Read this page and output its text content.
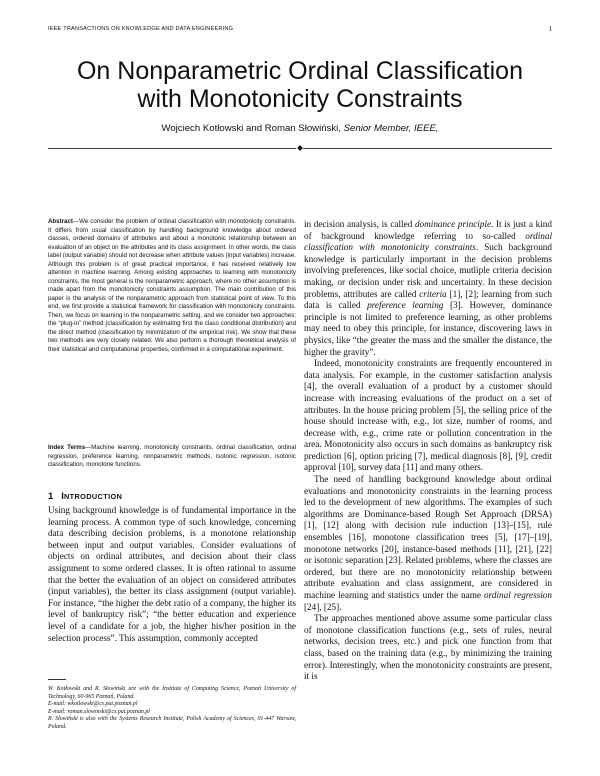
IEEE TRANSACTIONS ON KNOWLEDGE AND DATA ENGINEERING	1
On Nonparametric Ordinal Classification
with Monotonicity Constraints
Wojciech Kotłowski and Roman Słowiński, Senior Member, IEEE,
Abstract—We consider the problem of ordinal classification with monotonicity constraints. It differs from usual classification by handling background knowledge about ordered classes, ordered domains of attributes and about a monotonic relationship between an evaluation of an object on the attributes and its class assignment. In other words, the class label (output variable) should not decrease when attribute values (input variables) increase. Although this problem is of great practical importance, it has received relatively low attention in machine learning. Among existing approaches to learning with monotonicity constraints, the most general is the nonparametric approach, where no other assumption is made apart from the monotonicity constraints assumption. The main contribution of this paper is the analysis of the nonparametric approach from statistical point of view. To this end, we first provide a statistical framework for classification with monotonicity constraints. Then, we focus on learning in the nonparametric setting, and we consider two approaches: the “plug-in” method (classification by estimating first the class conditional distribution) and the direct method (classification by minimization of the empirical risk). We show that these two methods are very closely related. We also perform a thorough theoretical analysis of their statistical and computational properties, confirmed in a computational experiment.
Index Terms—Machine learning, monotonicity constraints, ordinal classification, ordinal regression, preference learning, nonparametric methods, isotonic regression, isotonic classification, monotone functions.
1 INTRODUCTION

Using background knowledge is of fundamental importance in the learning process. A common type of such knowledge, concerning data describing decision problems, is a monotone relationship between input and output variables. Consider evaluations of objects on ordinal attributes, and decision about their class assignment to some ordered classes. It is often rational to assume that the better the evaluation of an object on considered attributes (input variables), the better its class assignment (output variable). For instance, “the higher the debt ratio of a company, the higher its level of bankruptcy risk”; “the better education and experience level of a candidate for a job, the higher his/her position in the selection process”. This assumption, commonly accepted

in decision analysis, is called dominance principle. It is just a kind of background knowledge referring to so-called ordinal classification with monotonicity constraints. Such background knowledge is particularly important in the decision problems involving preferences, like social choice, mutliple criteria decision making, or decision under risk and uncertainty. In these decision problems, attributes are called criteria [1], [2]; learning from such data is called preference learning [3]. However, dominance principle is not limited to preference learning, as other problems may need to obey this principle, for instance, discovering laws in physics, like “the greater the mass and the smaller the distance, the higher the gravity”.

Indeed, monotonicity constraints are frequently encountered in data analysis. For example, in the customer satisfaction analysis [4], the overall evaluation of a product by a customer should increase with increasing evaluations of the product on a set of attributes. In the house pricing problem [5], the selling price of the house should increase with, e.g., lot size, number of rooms, and decrease with, e.g., crime rate or pollution concentration in the area. Monotonicity also occurs in such domains as bankruptcy risk prediction [6], option pricing [7], medical diagnosis [8], [9], credit approval [10], survey data [11] and many others.

The need of handling background knowledge about ordinal evaluations and monotonicity constraints in the learning process led to the development of new algorithms. The examples of such algorithms are Dominance-based Rough Set Approach (DRSA) [1], [12] along with decision rule induction [13]–[15], rule ensembles [16], monotone classification trees [5], [17]–[19], monotone networks [20], instance-based methods [11], [21], [22] or isotonic separation [23]. Related problems, where the classes are ordered, but there are no monotonicity relationship between attribute evaluation and class assignment, are considered in machine learning and statistics under the name ordinal regression [24], [25].

The approaches mentioned above assume some particular class of monotone classification functions (e.g., sets of rules, neural networks, decision trees, etc.) and pick one function from that class, based on the training data (e.g., by minimizing the training error). Interestingly, when the monotonicity constraints are present, it is

W. Kotłowski and R. Słowiński are with the Institute of Computing Science, Poznań University of Technology, 60-965 Poznań, Poland.
E-mail: wkotlowski@cs.put.poznan.pl
E-mail: roman.slowinski@cs.put.poznan.pl
R. Słowiński is also with the Systems Research Institute, Polish Academy of Sciences, 01-447 Warsaw, Poland.
